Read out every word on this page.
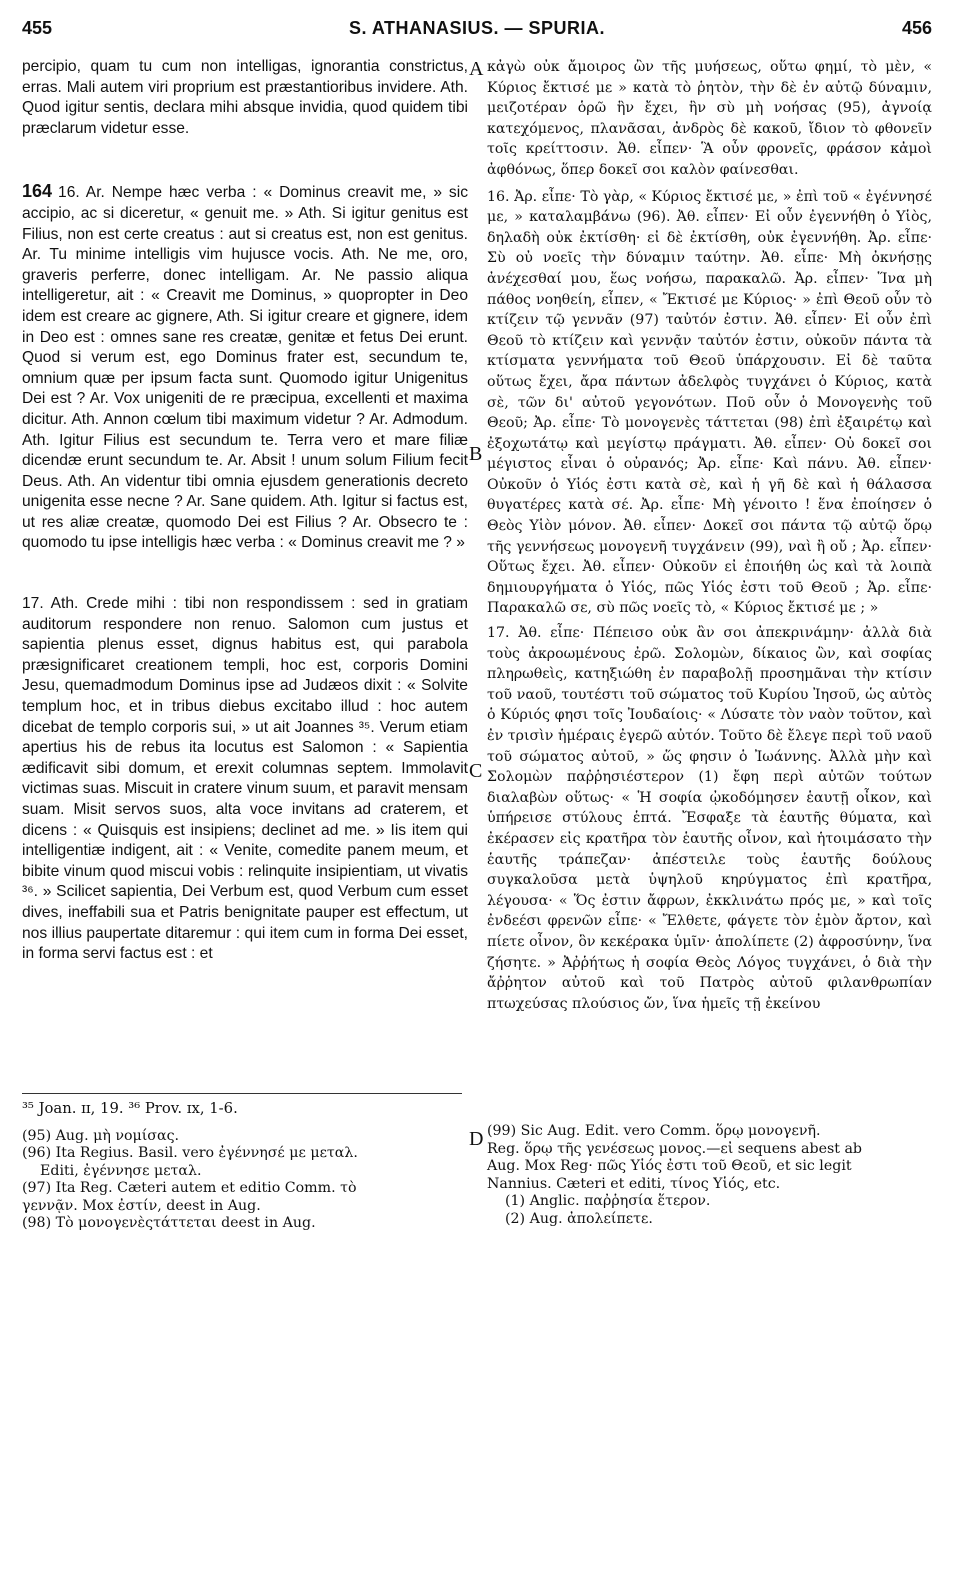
455	S. ATHANASIUS. — SPURIA.	456

percipio, quam tu cum non intelligas, ignorantia constrictus, erras. Mali autem viri proprium est præstantioribus invidere. Ath. Quod igitur sentis, declara mihi absque invidia, quod quidem tibi præclarum videtur esse.

164 16. Ar. Nempe hæc verba : « Dominus creavit me, » sic accipio, ac si diceretur, « genuit me. » Ath. Si igitur genitus est Filius, non est certe creatus : aut si creatus est, non est genitus. Ar. Tu minime intelligis vim hujusce vocis. Ath. Ne me, oro, graveris perferre, donec intelligam. Ar. Ne passio aliqua intelligeretur, ait : « Creavit me Dominus, » quopropter in Deo idem est creare ac gignere, Ath. Si igitur creare et gignere, idem in Deo est : omnes sane res creatæ, genitæ et fetus Dei erunt. Quod si verum est, ego Dominus frater est, secundum te, omnium quæ per ipsum facta sunt. Quomodo igitur Unigenitus Dei est ? Ar. Vox unigeniti de re præcipua, excellenti et maxima dicitur. Ath. Annon cœlum tibi maximum videtur ? Ar. Admodum. Ath. Igitur Filius est secundum te. Terra vero et mare filiæ dicendæ erunt secundum te. Ar. Absit ! unum solum Filium fecit Deus. Ath. An videntur tibi omnia ejusdem generationis decreto unigenita esse necne ? Ar. Sane quidem. Ath. Igitur si factus est, ut res aliæ creatæ, quomodo Dei est Filius ? Ar. Obsecro te : quomodo tu ipse intelligis hæc verba : « Dominus creavit me ? »

17. Ath. Crede mihi : tibi non respondissem : sed in gratiam auditorum respondere non renuo. Salomon cum justus et sapientia plenus esset, dignus habitus est, qui parabola præsignificaret creationem templi, hoc est, corporis Domini Jesu, quemadmodum Dominus ipse ad Judæos dixit : « Solvite templum hoc, et in tribus diebus excitabo illud : hoc autem dicebat de templo corporis sui, » ut ait Joannes ³⁵. Verum etiam apertius his de rebus ita locutus est Salomon : « Sapientia ædificavit sibi domum, et erexit columnas septem. Immolavit victimas suas. Miscuit in cratere vinum suum, et paravit mensam suam. Misit servos suos, alta voce invitans ad craterem, et dicens : « Quisquis est insipiens; declinet ad me. » Iis item qui intelligentiæ indigent, ait : « Venite, comedite panem meum, et bibite vinum quod miscui vobis : relinquite insipientiam, ut vivatis ³⁶. » Scilicet sapientia, Dei Verbum est, quod Verbum cum esset dives, ineffabili sua et Patris benignitate pauper est effectum, ut nos illius paupertate ditaremur : qui item cum in forma Dei esset, in forma servi factus est : et

A
B
C
D

κἀγὼ οὐκ ἄμοιρος ὢν τῆς μυήσεως, οὕτω φημί, τὸ μὲν, « Κύριος ἔκτισέ με » κατὰ τὸ ῥητὸν, τὴν δὲ ἐν αὐτῷ δύναμιν, μειζοτέραν ὁρῶ ἣν ἔχει, ἣν σὺ μὴ νοήσας (95), ἀγνοίᾳ κατεχόμενος, πλανᾶσαι, ἀνδρὸς δὲ κακοῦ, ἴδιον τὸ φθονεῖν τοῖς κρείττοσιν. Ἀθ. εἶπεν· Ἃ οὖν φρονεῖς, φράσον κἀμοὶ ἀφθόνως, ὅπερ δοκεῖ σοι καλὸν φαίνεσθαι.

16. Ἀρ. εἶπε· Τὸ γὰρ, « Κύριος ἔκτισέ με, » ἐπὶ τοῦ « ἐγέννησέ με, » καταλαμβάνω (96). Ἀθ. εἶπεν· Εἰ οὖν ἐγεννήθη ὁ Υἱὸς, δηλαδὴ οὐκ ἐκτίσθη· εἰ δὲ ἐκτίσθη, οὐκ ἐγεννήθη. Ἀρ. εἶπε· Σὺ οὐ νοεῖς τὴν δύναμιν ταύτην. Ἀθ. εἶπε· Μὴ ὀκνήσῃς ἀνέχεσθαί μου, ἕως νοήσω, παρακαλῶ. Ἀρ. εἶπεν· Ἵνα μὴ πάθος νοηθείη, εἶπεν, « Ἔκτισέ με Κύριος· » ἐπὶ Θεοῦ οὖν τὸ κτίζειν τῷ γεννᾶν (97) ταὐτόν ἐστιν. Ἀθ. εἶπεν· Εἰ οὖν ἐπὶ Θεοῦ τὸ κτίζειν καὶ γεννᾷν ταὐτόν ἐστιν, οὐκοῦν πάντα τὰ κτίσματα γεννήματα τοῦ Θεοῦ ὑπάρχουσιν. Εἰ δὲ ταῦτα οὕτως ἔχει, ἄρα πάντων ἀδελφὸς τυγχάνει ὁ Κύριος, κατὰ σὲ, τῶν δι' αὐτοῦ γεγονότων. Ποῦ οὖν ὁ Μονογενὴς τοῦ Θεοῦ; Ἀρ. εἶπε· Τὸ μονογενὲς τάττεται (98) ἐπὶ ἐξαιρέτῳ καὶ ἐξοχωτάτῳ καὶ μεγίστῳ πράγματι. Ἀθ. εἶπεν· Οὐ δοκεῖ σοι μέγιστος εἶναι ὁ οὐρανός; Ἀρ. εἶπε· Καὶ πάνυ. Ἀθ. εἶπεν· Οὐκοῦν ὁ Υἱός ἐστι κατὰ σὲ, καὶ ἡ γῆ δὲ καὶ ἡ θάλασσα θυγατέρες κατὰ σέ. Ἀρ. εἶπε· Μὴ γένοιτο ! ἕνα ἐποίησεν ὁ Θεὸς Υἱὸν μόνον. Ἀθ. εἶπεν· Δοκεῖ σοι πάντα τῷ αὐτῷ ὅρῳ τῆς γεννήσεως μονογενῆ τυγχάνειν (99), ναὶ ἢ οὔ ; Ἀρ. εἶπεν· Οὕτως ἔχει. Ἀθ. εἶπεν· Οὐκοῦν εἰ ἐποιήθη ὡς καὶ τὰ λοιπὰ δημιουργήματα ὁ Υἱός, πῶς Υἱός ἐστι τοῦ Θεοῦ ; Ἀρ. εἶπε· Παρακαλῶ σε, σὺ πῶς νοεῖς τὸ, « Κύριος ἔκτισέ με ; »

17. Ἀθ. εἶπε· Πέπεισο οὐκ ἂν σοι ἀπεκρινάμην· ἀλλὰ διὰ τοὺς ἀκροωμένους ἐρῶ. Σολομὼν, δίκαιος ὢν, καὶ σοφίας πληρωθεὶς, κατηξιώθη ἐν παραβολῇ προσημᾶναι τὴν κτίσιν τοῦ ναοῦ, τουτέστι τοῦ σώματος τοῦ Κυρίου Ἰησοῦ, ὡς αὐτὸς ὁ Κύριός φησι τοῖς Ἰουδαίοις· « Λύσατε τὸν ναὸν τοῦτον, καὶ ἐν τρισὶν ἡμέραις ἐγερῶ αὐτόν. Τοῦτο δὲ ἔλεγε περὶ τοῦ ναοῦ τοῦ σώματος αὐτοῦ, » ὥς φησιν ὁ Ἰωάννης. Ἀλλὰ μὴν καὶ Σολομὼν παῤῥησιέστερον (1) ἔφη περὶ αὐτῶν τούτων διαλαβὼν οὕτως· « Ἡ σοφία ᾠκοδόμησεν ἑαυτῇ οἶκον, καὶ ὑπήρεισε στύλους ἑπτά. Ἔσφαξε τὰ ἑαυτῆς θύματα, καὶ ἐκέρασεν εἰς κρατῆρα τὸν ἑαυτῆς οἶνον, καὶ ἡτοιμάσατο τὴν ἑαυτῆς τράπεζαν· ἀπέστειλε τοὺς ἑαυτῆς δούλους συγκαλοῦσα μετὰ ὑψηλοῦ κηρύγματος ἐπὶ κρατῆρα, λέγουσα· « Ὅς ἐστιν ἄφρων, ἐκκλινάτω πρός με, » καὶ τοῖς ἐνδεέσι φρενῶν εἶπε· « Ἔλθετε, φάγετε τὸν ἐμὸν ἄρτον, καὶ πίετε οἶνον, ὃν κεκέρακα ὑμῖν· ἀπολίπετε (2) ἀφροσύνην, ἵνα ζήσητε. » Ἀῤῥήτως ἡ σοφία Θεὸς Λόγος τυγχάνει, ὁ διὰ τὴν ἄῤῥητον αὐτοῦ καὶ τοῦ Πατρὸς αὐτοῦ φιλανθρωπίαν πτωχεύσας πλούσιος ὤν, ἵνα ἡμεῖς τῇ ἐκείνου

³⁵ Joan. ɪɪ, 19. ³⁶ Prov. ɪx, 1-6.
(95) Aug. μὴ νομίσας.
(96) Ita Regius. Basil. vero ἐγέννησέ με μεταλ.
Editi, ἐγέννησε μεταλ.
(97) Ita Reg. Cæteri autem et editio Comm. τὸ
γεννᾷν. Mox ἐστίν, deest in Aug.
(98) Τὸ μονογενὲςτάττεται deest in Aug.
(99) Sic Aug. Edit. vero Comm. ὅρῳ μονογενῆ.
Reg. ὅρῳ τῆς γενέσεως μονος.—εἰ sequens abest ab
Aug. Mox Reg· πῶς Υἱός ἐστι τοῦ Θεοῦ, et sic legit
Nannius. Cæteri et editi, τίνος Υἱός, etc.
(1) Anglic. παῤῥησία ἕτερον.
(2) Aug. ἀπολείπετε.
